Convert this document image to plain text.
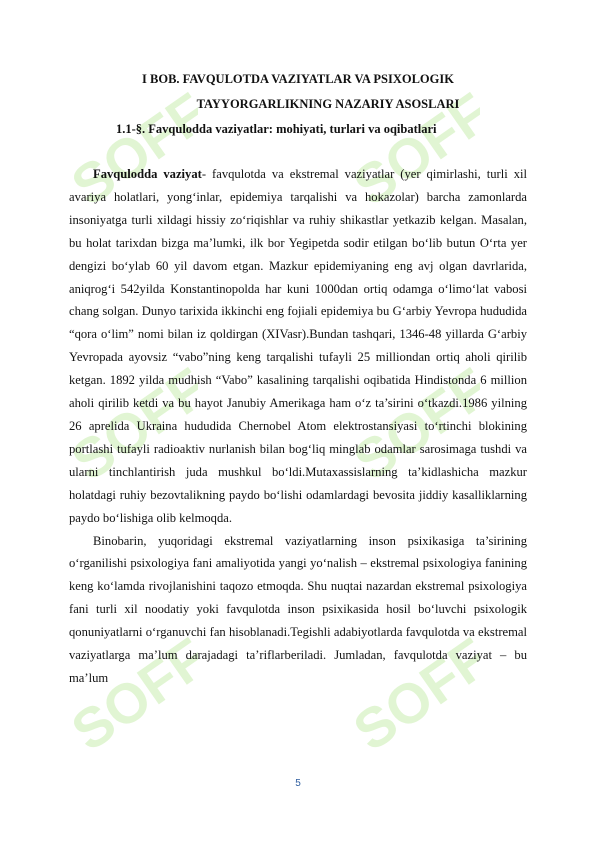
SOFF SOFF
SOFF SOFF
SOFF SOFF
I BOB. FAVQULOTDA VAZIYATLAR VA PSIXOLOGIK
TAYYORGARLIKNING NAZARIY ASOSLARI
1.1-§. Favqulodda vaziyatlar: mohiyati, turlari va oqibatlari

Favqulodda vaziyat- favqulotda va ekstremal vaziyatlar (yer qimirlashi, turli xil avariya holatlari, yong‘inlar, epidemiya tarqalishi va hokazolar) barcha zamonlarda insoniyatga turli xildagi hissiy zo‘riqishlar va ruhiy shikastlar yetkazib kelgan. Masalan, bu holat tarixdan bizga ma’lumki, ilk bor Yegipetda sodir etilgan bo‘lib butun O‘rta yer dengizi bo‘ylab 60 yil davom etgan. Mazkur epidemiyaning eng avj olgan davrlarida, aniqrog‘i 542yilda Konstantinopolda har kuni 1000dan ortiq odamga o‘limo‘lat vabosi chang solgan. Dunyo tarixida ikkinchi eng fojiali epidemiya bu G‘arbiy Yevropa hududida “qora o‘lim” nomi bilan iz qoldirgan (XIVasr).Bundan tashqari, 1346-48 yillarda G‘arbiy Yevropada ayovsiz “vabo”ning keng tarqalishi tufayli 25 milliondan ortiq aholi qirilib ketgan. 1892 yilda mudhish “Vabo” kasalining tarqalishi oqibatida Hindistonda 6 million aholi qirilib ketdi va bu hayot Janubiy Amerikaga ham o‘z ta’sirini o‘tkazdi.1986 yilning 26 aprelida Ukraina hududida Chernobel Atom elektrostansiyasi to‘rtinchi blokining portlashi tufayli radioaktiv nurlanish bilan bog‘liq minglab odamlar sarosimaga tushdi va ularni tinchlantirish juda mushkul bo‘ldi.Mutaxassislarning ta’kidlashicha mazkur holatdagi ruhiy bezovtalikning paydo bo‘lishi odamlardagi bevosita jiddiy kasalliklarning paydo bo‘lishiga olib kelmoqda.

Binobarin, yuqoridagi ekstremal vaziyatlarning inson psixikasiga ta’sirining o‘rganilishi psixologiya fani amaliyotida yangi yo‘nalish – ekstremal psixologiya fanining keng ko‘lamda rivojlanishini taqozo etmoqda. Shu nuqtai nazardan ekstremal psixologiya fani turli xil noodatiy yoki favqulotda inson psixikasida hosil bo‘luvchi psixologik qonuniyatlarni o‘rganuvchi fan hisoblanadi.Tegishli adabiyotlarda favqulotda va ekstremal vaziyatlarga ma’lum darajadagi ta’riflarberiladi. Jumladan, favqulotda vaziyat – bu ma’lum

5
